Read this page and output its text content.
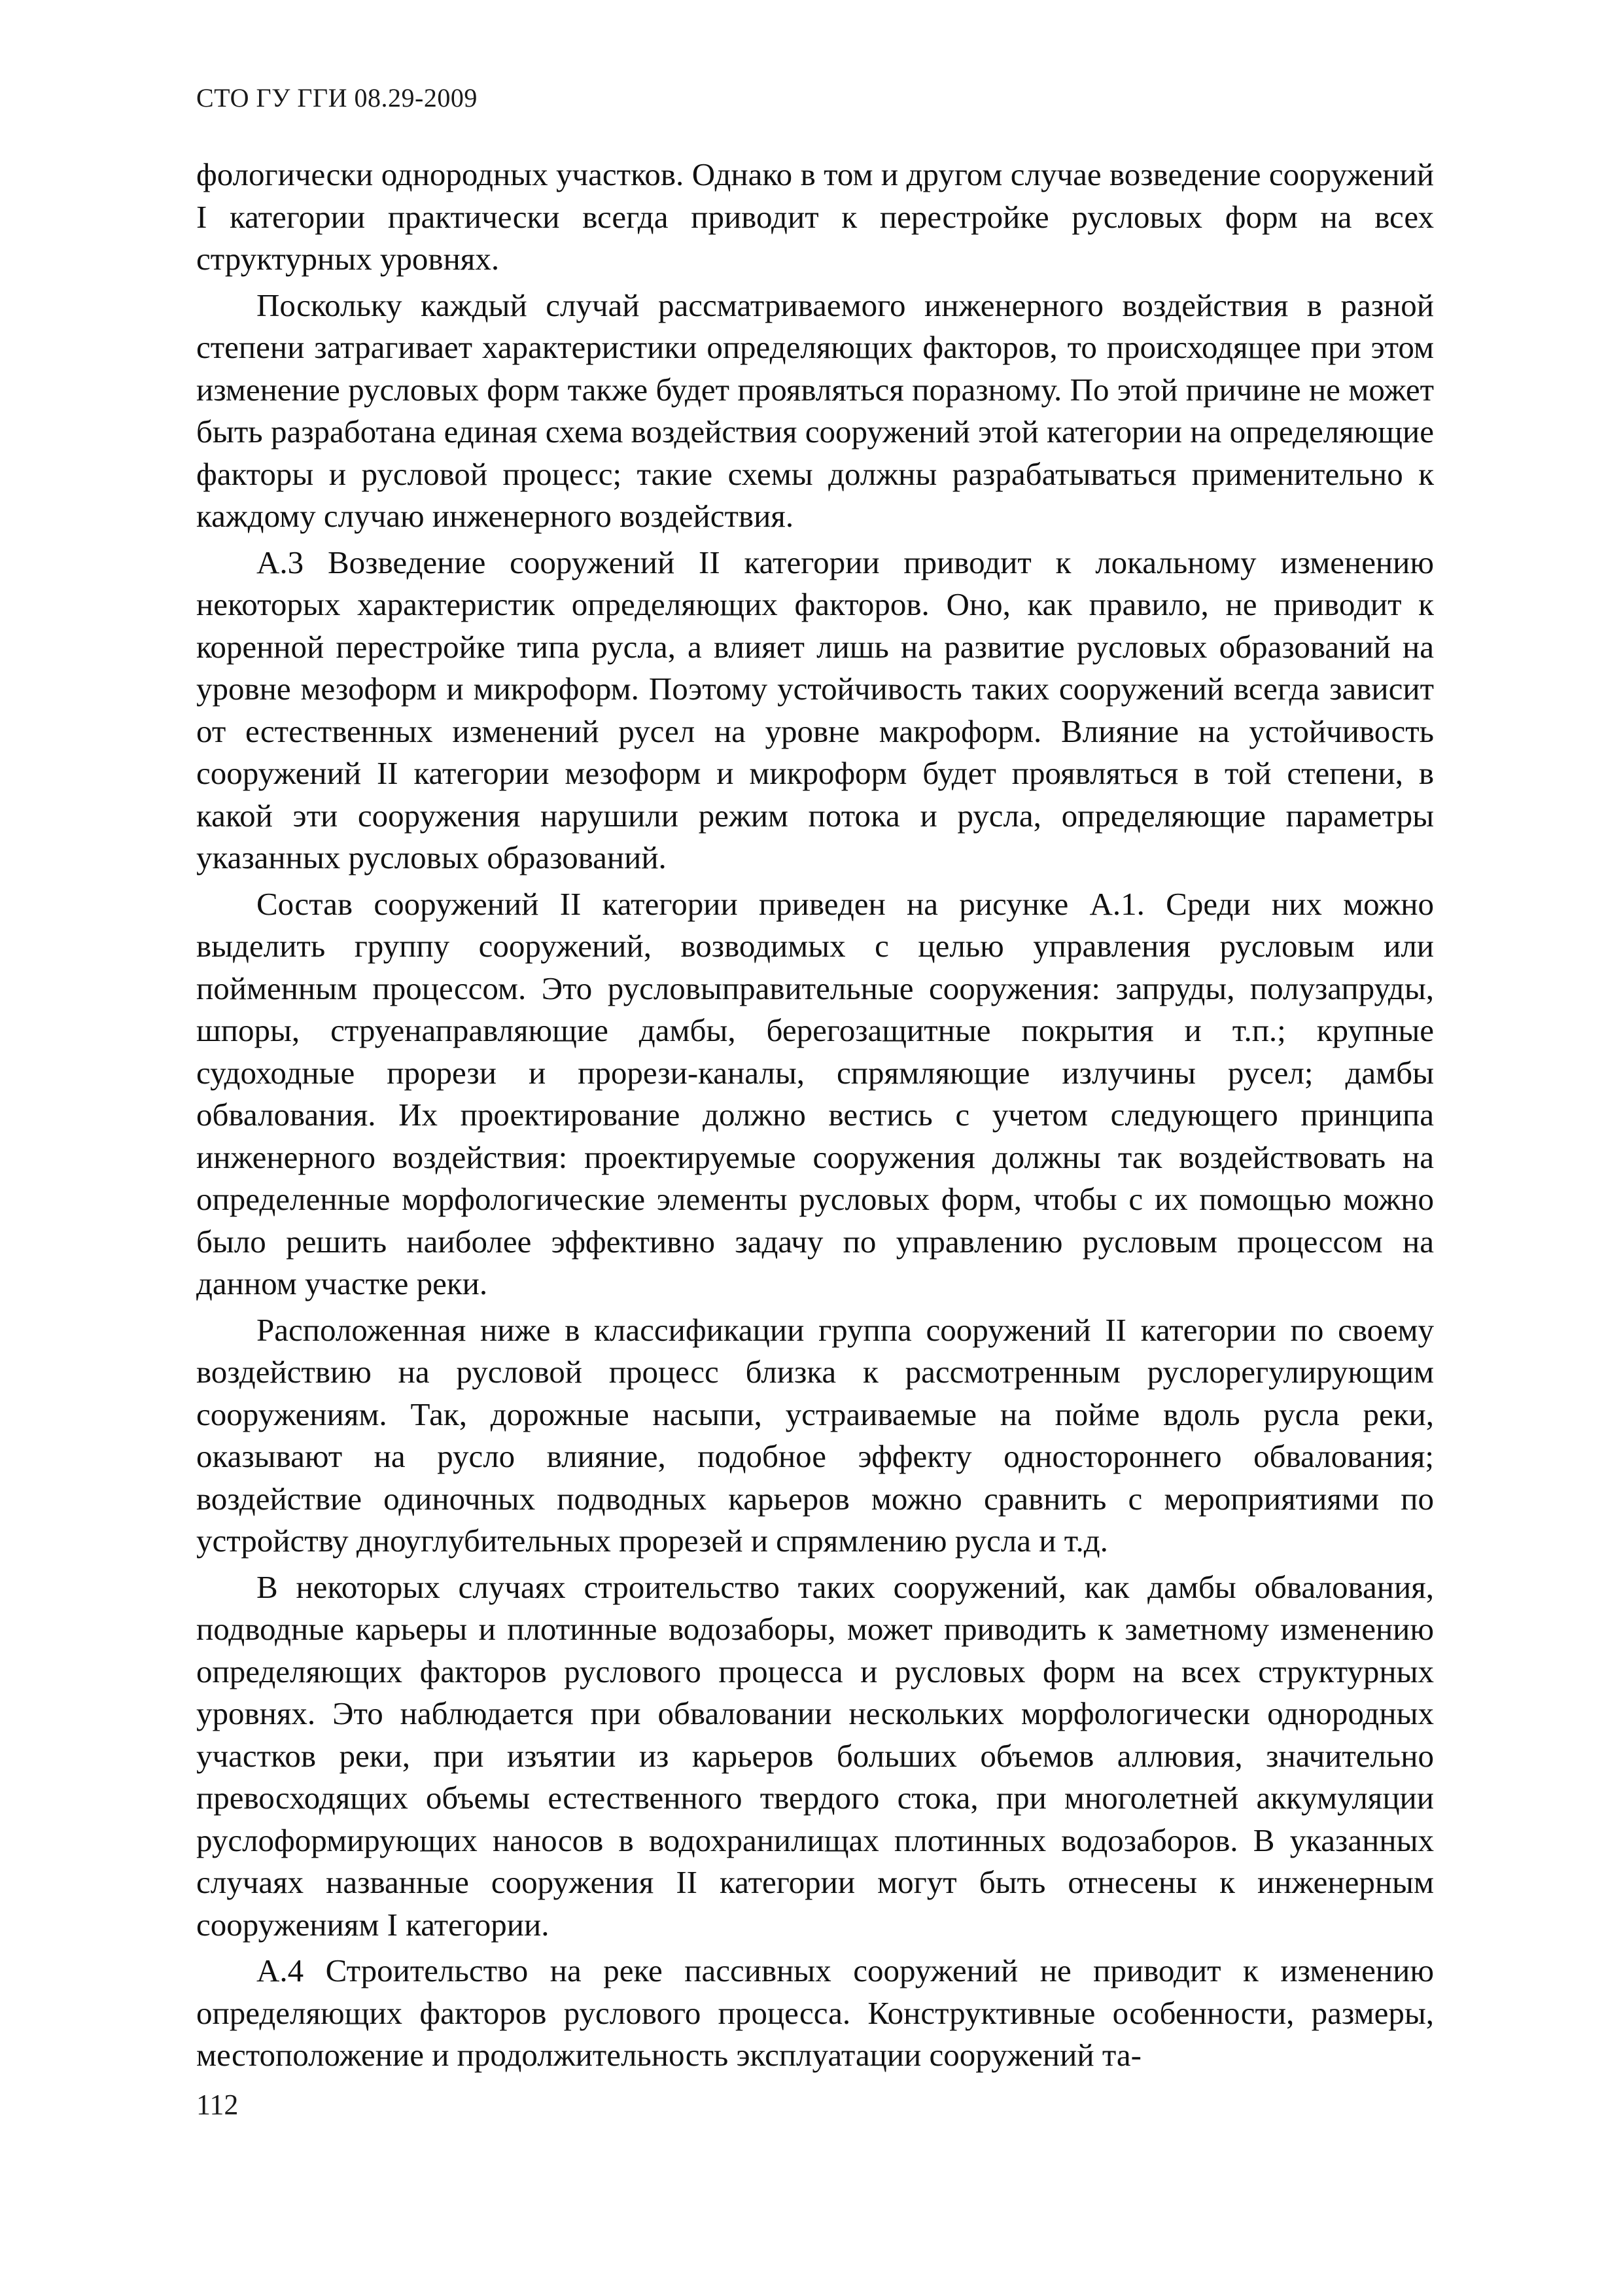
СТО ГУ ГГИ 08.29-2009

фологически однородных участков. Однако в том и другом случае возведение сооружений I категории практически всегда приводит к перестройке русловых форм на всех структурных уровнях.

Поскольку каждый случай рассматриваемого инженерного воздействия в разной степени затрагивает характеристики определяющих факторов, то происходящее при этом изменение русловых форм также будет проявляться поразному. По этой причине не может быть разработана единая схема воздействия сооружений этой категории на определяющие факторы и русловой процесс; такие схемы должны разрабатываться применительно к каждому случаю инженерного воздействия.

А.3 Возведение сооружений II категории приводит к локальному изменению некоторых характеристик определяющих факторов. Оно, как правило, не приводит к коренной перестройке типа русла, а влияет лишь на развитие русловых образований на уровне мезоформ и микроформ. Поэтому устойчивость таких сооружений всегда зависит от естественных изменений русел на уровне макроформ. Влияние на устойчивость сооружений II категории мезоформ и микроформ будет проявляться в той степени, в какой эти сооружения нарушили режим потока и русла, определяющие параметры указанных русловых образований.

Состав сооружений II категории приведен на рисунке А.1. Среди них можно выделить группу сооружений, возводимых с целью управления русловым или пойменным процессом. Это русловыправительные сооружения: запруды, полузапруды, шпоры, струенаправляющие дамбы, берегозащитные покрытия и т.п.; крупные судоходные прорези и прорези-каналы, спрямляющие излучины русел; дамбы обвалования. Их проектирование должно вестись с учетом следующего принципа инженерного воздействия: проектируемые сооружения должны так воздействовать на определенные морфологические элементы русловых форм, чтобы с их помощью можно было решить наиболее эффективно задачу по управлению русловым процессом на данном участке реки.

Расположенная ниже в классификации группа сооружений II категории по своему воздействию на русловой процесс близка к рассмотренным руслорегулирующим сооружениям. Так, дорожные насыпи, устраиваемые на пойме вдоль русла реки, оказывают на русло влияние, подобное эффекту одностороннего обвалования; воздействие одиночных подводных карьеров можно сравнить с мероприятиями по устройству дноуглубительных прорезей и спрямлению русла и т.д.

В некоторых случаях строительство таких сооружений, как дамбы обвалования, подводные карьеры и плотинные водозаборы, может приводить к заметному изменению определяющих факторов руслового процесса и русловых форм на всех структурных уровнях. Это наблюдается при обваловании нескольких морфологически однородных участков реки, при изъятии из карьеров больших объемов аллювия, значительно превосходящих объемы естественного твердого стока, при многолетней аккумуляции руслоформирующих наносов в водохранилищах плотинных водозаборов. В указанных случаях названные сооружения II категории могут быть отнесены к инженерным сооружениям I категории.

А.4 Строительство на реке пассивных сооружений не приводит к изменению определяющих факторов руслового процесса. Конструктивные особенности, размеры, местоположение и продолжительность эксплуатации сооружений та-

112
